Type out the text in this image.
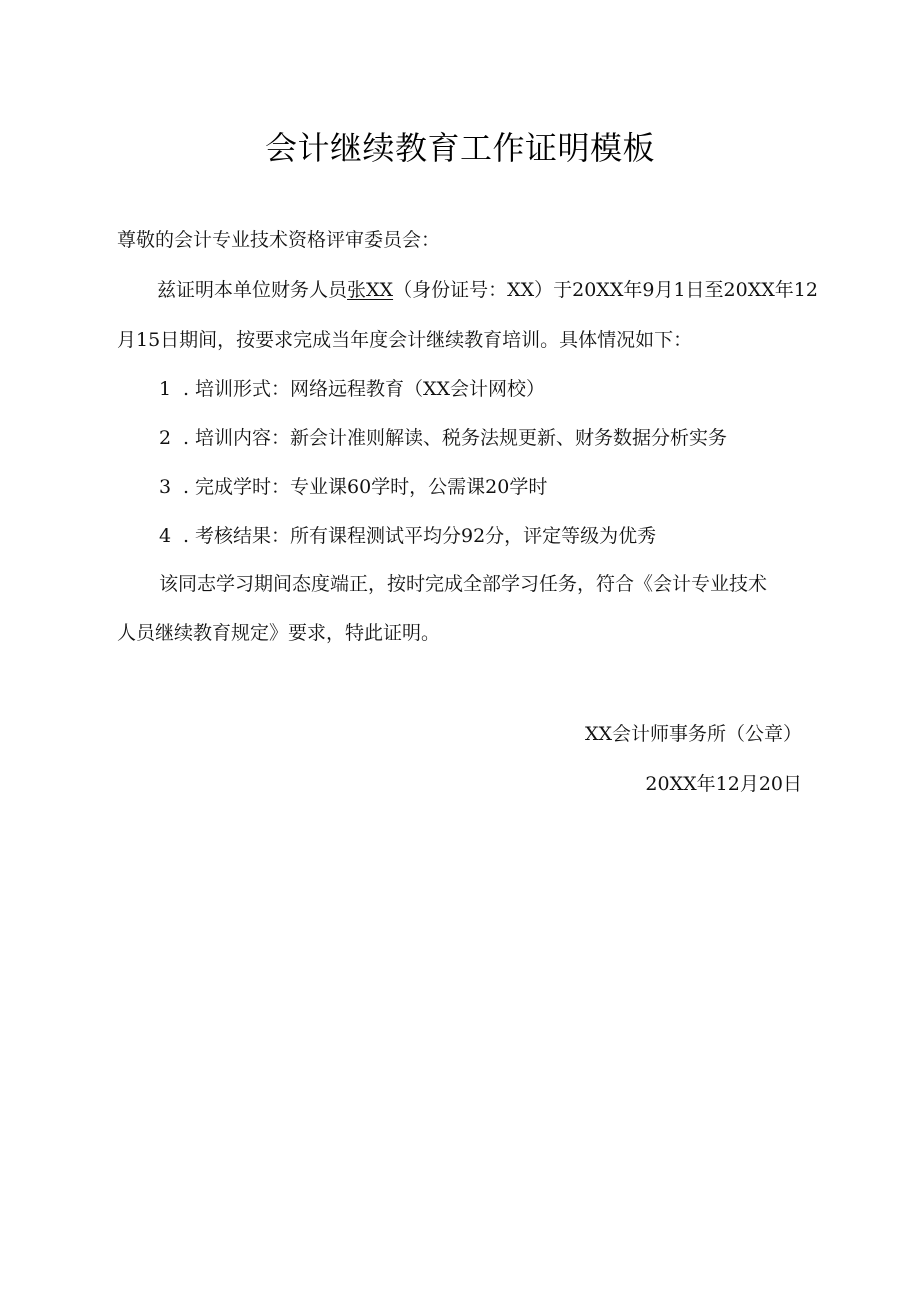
会计继续教育工作证明模板
尊敬的会计专业技术资格评审委员会：
兹证明本单位财务人员张XX（身份证号：XX）于20XX年9月1日至20XX年12
月15日期间，按要求完成当年度会计继续教育培训。具体情况如下：
1 . 培训形式：网络远程教育（XX会计网校）
2 . 培训内容：新会计准则解读、税务法规更新、财务数据分析实务
3 . 完成学时：专业课60学时，公需课20学时
4 . 考核结果：所有课程测试平均分92分，评定等级为优秀
该同志学习期间态度端正，按时完成全部学习任务，符合《会计专业技术
人员继续教育规定》要求，特此证明。
XX会计师事务所（公章）
20XX年12月20日
